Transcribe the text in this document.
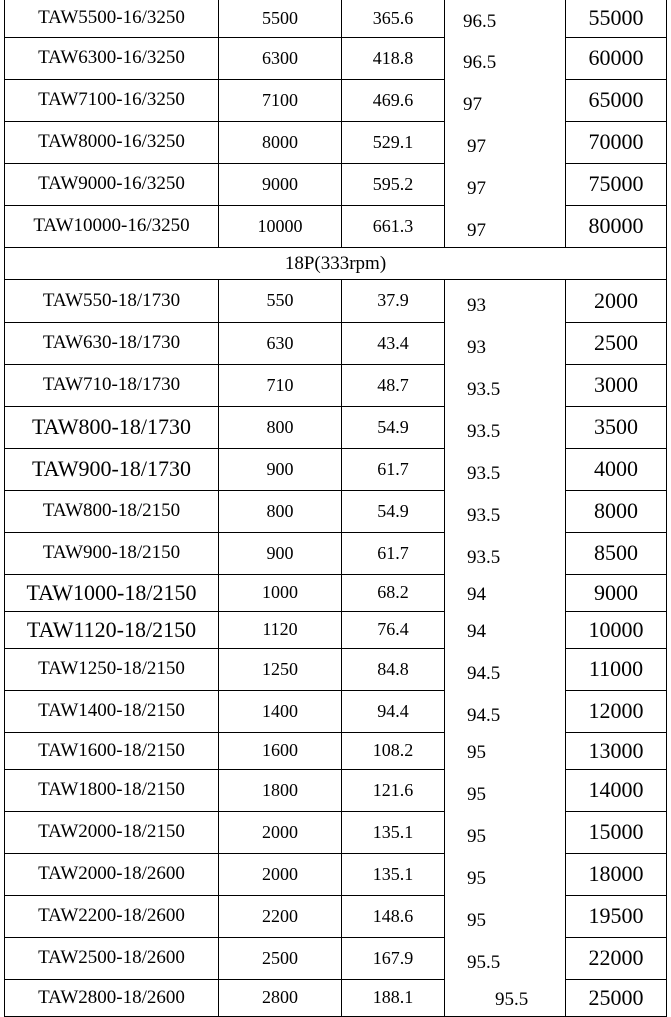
TAW5500-16/3250	5500	365.6	96.5	55000
TAW6300-16/3250	6300	418.8	96.5	60000
TAW7100-16/3250	7100	469.6	97	65000
TAW8000-16/3250	8000	529.1	97	70000
TAW9000-16/3250	9000	595.2	97	75000
TAW10000-16/3250	10000	661.3	97	80000
18P(333rpm)				
TAW550-18/1730	550	37.9	93	2000
TAW630-18/1730	630	43.4	93	2500
TAW710-18/1730	710	48.7	93.5	3000
TAW800-18/1730	800	54.9	93.5	3500
TAW900-18/1730	900	61.7	93.5	4000
TAW800-18/2150	800	54.9	93.5	8000
TAW900-18/2150	900	61.7	93.5	8500
TAW1000-18/2150	1000	68.2	94	9000
TAW1120-18/2150	1120	76.4	94	10000
TAW1250-18/2150	1250	84.8	94.5	11000
TAW1400-18/2150	1400	94.4	94.5	12000
TAW1600-18/2150	1600	108.2	95	13000
TAW1800-18/2150	1800	121.6	95	14000
TAW2000-18/2150	2000	135.1	95	15000
TAW2000-18/2600	2000	135.1	95	18000
TAW2200-18/2600	2200	148.6	95	19500
TAW2500-18/2600	2500	167.9	95.5	22000
TAW2800-18/2600	2800	188.1	95.5	25000
